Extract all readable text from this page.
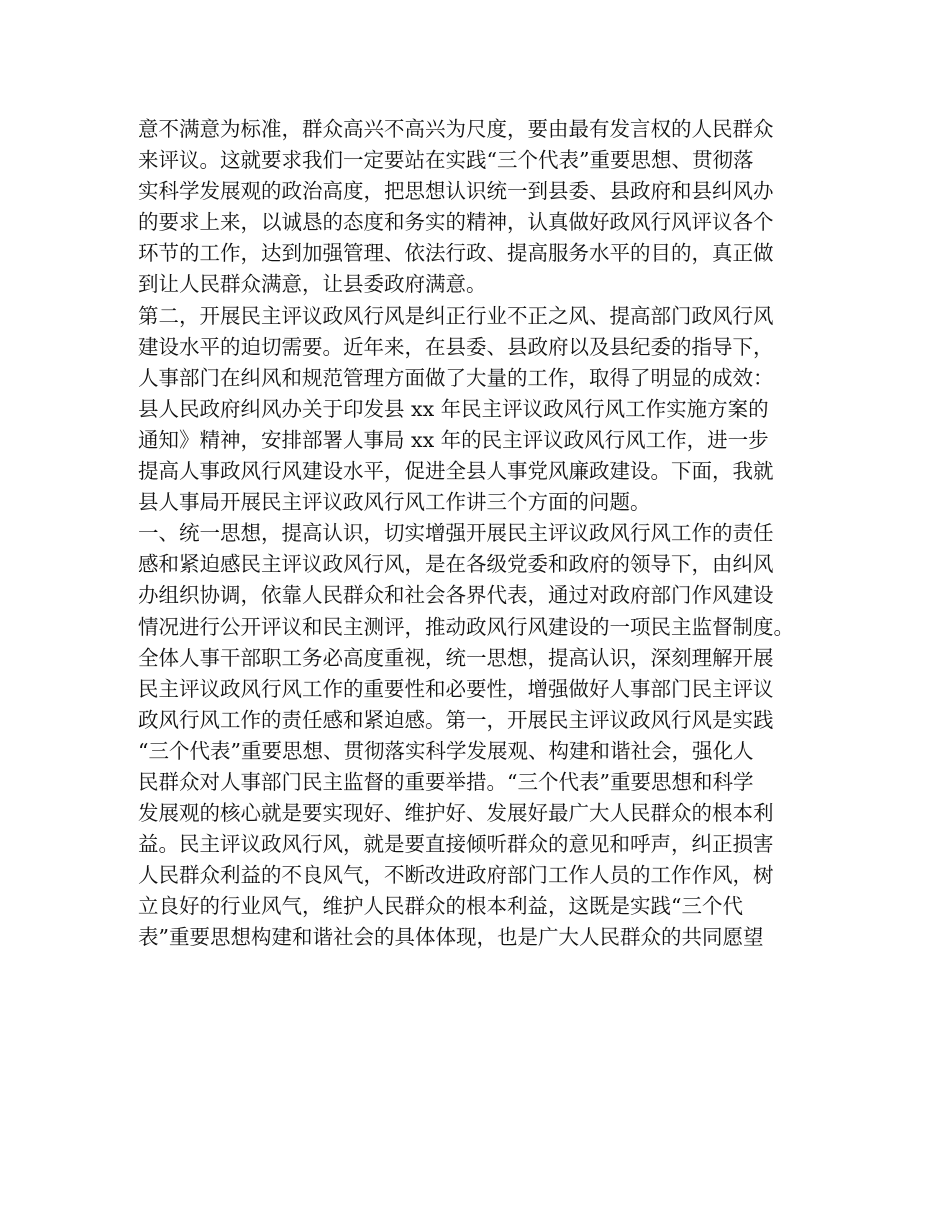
意不满意为标准，群众高兴不高兴为尺度，要由最有发言权的人民群众
来评议。这就要求我们一定要站在实践“三个代表”重要思想、贯彻落
实科学发展观的政治高度，把思想认识统一到县委、县政府和县纠风办
的要求上来，以诚恳的态度和务实的精神，认真做好政风行风评议各个
环节的工作，达到加强管理、依法行政、提高服务水平的目的，真正做
到让人民群众满意，让县委政府满意。
第二，开展民主评议政风行风是纠正行业不正之风、提高部门政风行风
建设水平的迫切需要。近年来，在县委、县政府以及县纪委的指导下，
人事部门在纠风和规范管理方面做了大量的工作，取得了明显的成效：
县人民政府纠风办关于印发县 xx 年民主评议政风行风工作实施方案的
通知》精神，安排部署人事局 xx 年的民主评议政风行风工作，进一步
提高人事政风行风建设水平，促进全县人事党风廉政建设。下面，我就
县人事局开展民主评议政风行风工作讲三个方面的问题。
一、统一思想，提高认识，切实增强开展民主评议政风行风工作的责任
感和紧迫感民主评议政风行风，是在各级党委和政府的领导下，由纠风
办组织协调，依靠人民群众和社会各界代表，通过对政府部门作风建设
情况进行公开评议和民主测评，推动政风行风建设的一项民主监督制度。
全体人事干部职工务必高度重视，统一思想，提高认识，深刻理解开展
民主评议政风行风工作的重要性和必要性，增强做好人事部门民主评议
政风行风工作的责任感和紧迫感。第一，开展民主评议政风行风是实践
“三个代表”重要思想、贯彻落实科学发展观、构建和谐社会，强化人
民群众对人事部门民主监督的重要举措。“三个代表”重要思想和科学
发展观的核心就是要实现好、维护好、发展好最广大人民群众的根本利
益。民主评议政风行风，就是要直接倾听群众的意见和呼声，纠正损害
人民群众利益的不良风气，不断改进政府部门工作人员的工作作风，树
立良好的行业风气，维护人民群众的根本利益，这既是实践“三个代
表”重要思想构建和谐社会的具体体现，也是广大人民群众的共同愿望
